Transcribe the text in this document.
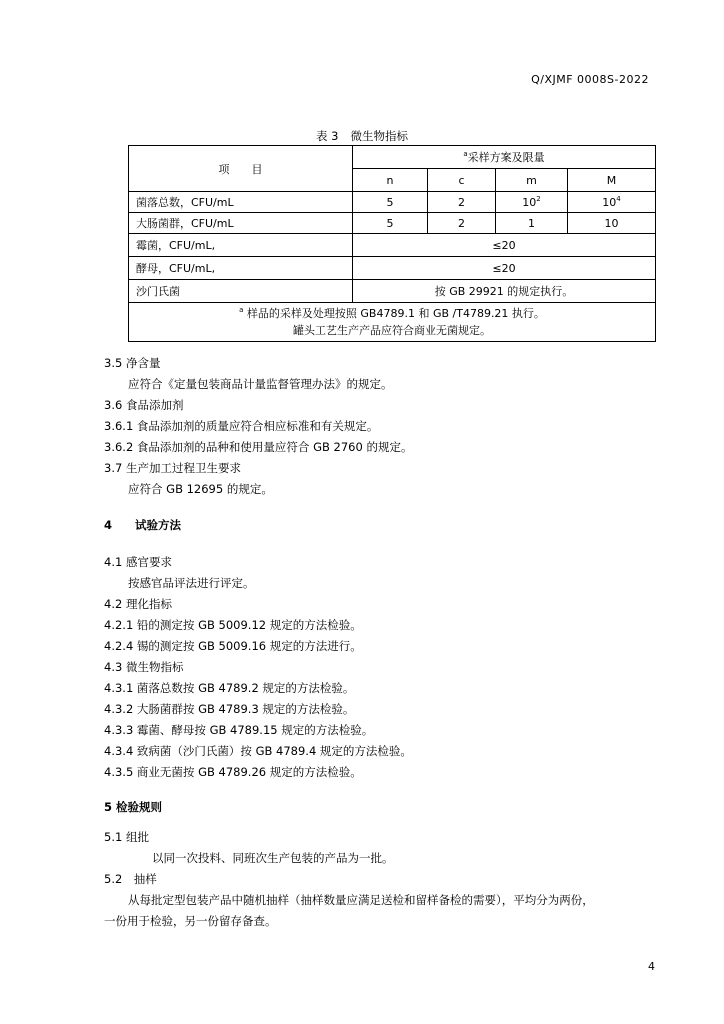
Q/XJMF 0008S-2022
表 3 微生物指标
项　　目	$^a$采样方案及限量			
	n	c	m	M
菌落总数，CFU/mL	5	2	$10^2$	$10^4$
大肠菌群，CFU/mL	5	2	1	10
霉菌，CFU/mL,	≤20			
酵母，CFU/mL,	≤20			
沙门氏菌	按 GB 29921 的规定执行。			

$^a$ 样品的采样及处理按照 GB4789.1 和 GB /T4789.21 执行。
罐头工艺生产产品应符合商业无菌规定。				
3.5 净含量
应符合《定量包装商品计量监督管理办法》的规定。
3.6 食品添加剂
3.6.1 食品添加剂的质量应符合相应标准和有关规定。
3.6.2 食品添加剂的品种和使用量应符合 GB 2760 的规定。
3.7 生产加工过程卫生要求
应符合 GB 12695 的规定。
4　　试验方法
4.1 感官要求
按感官品评法进行评定。
4.2 理化指标
4.2.1 铅的测定按 GB 5009.12 规定的方法检验。
4.2.4 锡的测定按 GB 5009.16 规定的方法进行。
4.3 微生物指标
4.3.1 菌落总数按 GB 4789.2 规定的方法检验。
4.3.2 大肠菌群按 GB 4789.3 规定的方法检验。
4.3.3 霉菌、酵母按 GB 4789.15 规定的方法检验。
4.3.4 致病菌（沙门氏菌）按 GB 4789.4 规定的方法检验。
4.3.5 商业无菌按 GB 4789.26 规定的方法检验。
5 检验规则
5.1 组批
以同一次投料、同班次生产包装的产品为一批。
5.2　抽样
从每批定型包装产品中随机抽样（抽样数量应满足送检和留样备检的需要），平均分为两份，
一份用于检验，另一份留存备查。
4
